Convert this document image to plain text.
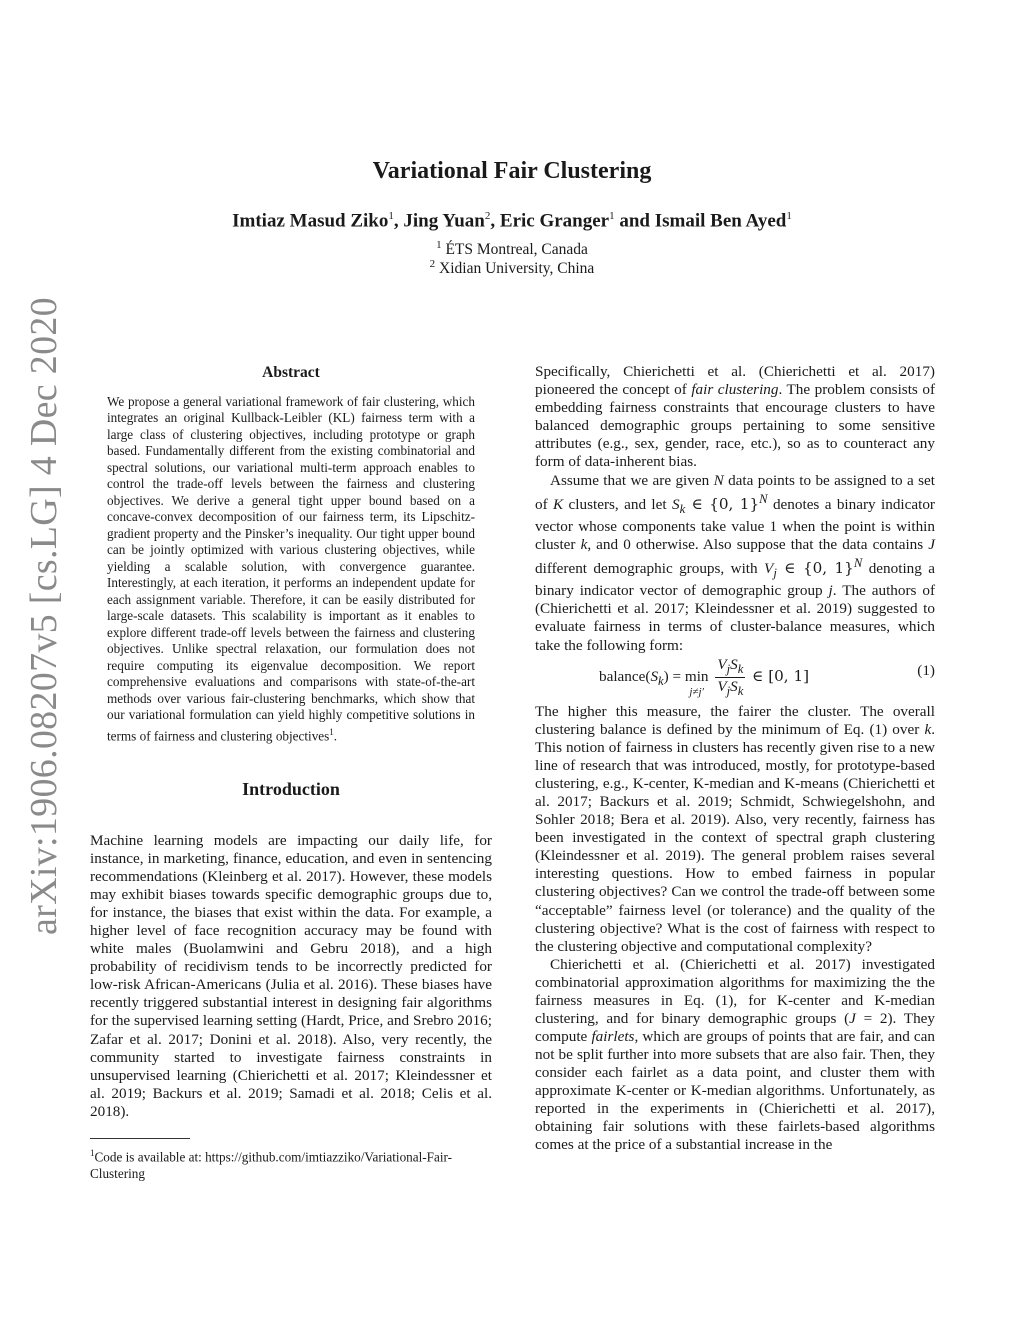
arXiv:1906.08207v5 [cs.LG] 4 Dec 2020
Variational Fair Clustering
Imtiaz Masud Ziko$^1$, Jing Yuan$^2$, Eric Granger$^1$ and Ismail Ben Ayed$^1$
$^1$ ÉTS Montreal, Canada
$^2$ Xidian University, China
Abstract
We propose a general variational framework of fair clustering, which integrates an original Kullback-Leibler (KL) fairness term with a large class of clustering objectives, including prototype or graph based. Fundamentally different from the existing combinatorial and spectral solutions, our variational multi-term approach enables to control the trade-off levels between the fairness and clustering objectives. We derive a general tight upper bound based on a concave-convex decomposition of our fairness term, its Lipschitz-gradient property and the Pinsker’s inequality. Our tight upper bound can be jointly optimized with various clustering objectives, while yielding a scalable solution, with convergence guarantee. Interestingly, at each iteration, it performs an independent update for each assignment variable. Therefore, it can be easily distributed for large-scale datasets. This scalability is important as it enables to explore different trade-off levels between the fairness and clustering objectives. Unlike spectral relaxation, our formulation does not require computing its eigenvalue decomposition. We report comprehensive evaluations and comparisons with state-of-the-art methods over various fair-clustering benchmarks, which show that our variational formulation can yield highly competitive solutions in terms of fairness and clustering objectives$^1$.
Introduction
Machine learning models are impacting our daily life, for instance, in marketing, finance, education, and even in sentencing recommendations (Kleinberg et al. 2017). However, these models may exhibit biases towards specific demographic groups due to, for instance, the biases that exist within the data. For example, a higher level of face recognition accuracy may be found with white males (Buolamwini and Gebru 2018), and a high probability of recidivism tends to be incorrectly predicted for low-risk African-Americans (Julia et al. 2016). These biases have recently triggered substantial interest in designing fair algorithms for the supervised learning setting (Hardt, Price, and Srebro 2016; Zafar et al. 2017; Donini et al. 2018). Also, very recently, the community started to investigate fairness constraints in unsupervised learning (Chierichetti et al. 2017; Kleindessner et al. 2019; Backurs et al. 2019; Samadi et al. 2018; Celis et al. 2018).
$^1$Code is available at: https://github.com/imtiazziko/Variational-Fair-Clustering

Specifically, Chierichetti et al. (Chierichetti et al. 2017) pioneered the concept of fair clustering. The problem consists of embedding fairness constraints that encourage clusters to have balanced demographic groups pertaining to some sensitive attributes (e.g., sex, gender, race, etc.), so as to counteract any form of data-inherent bias.

Assume that we are given N data points to be assigned to a set of K clusters, and let $S_k$ ∈ {0, 1}$^N$ denotes a binary indicator vector whose components take value 1 when the point is within cluster k, and 0 otherwise. Also suppose that the data contains J different demographic groups, with $V_j$ ∈ {0, 1}$^N$ denoting a binary indicator vector of demographic group j. The authors of (Chierichetti et al. 2017; Kleindessner et al. 2019) suggested to evaluate fairness in terms of cluster-balance measures, which take the following form:

$balance(S_k) = \min$
j≠j′

$V_jS_k$
$V_jS_k$
∈ [0, 1]	(1)

The higher this measure, the fairer the cluster. The overall clustering balance is defined by the minimum of Eq. (1) over k. This notion of fairness in clusters has recently given rise to a new line of research that was introduced, mostly, for prototype-based clustering, e.g., K-center, K-median and K-means (Chierichetti et al. 2017; Backurs et al. 2019; Schmidt, Schwiegelshohn, and Sohler 2018; Bera et al. 2019). Also, very recently, fairness has been investigated in the context of spectral graph clustering (Kleindessner et al. 2019). The general problem raises several interesting questions. How to embed fairness in popular clustering objectives? Can we control the trade-off between some “acceptable” fairness level (or tolerance) and the quality of the clustering objective? What is the cost of fairness with respect to the clustering objective and computational complexity?

Chierichetti et al. (Chierichetti et al. 2017) investigated combinatorial approximation algorithms for maximizing the the fairness measures in Eq. (1), for K-center and K-median clustering, and for binary demographic groups (J = 2). They compute fairlets, which are groups of points that are fair, and can not be split further into more subsets that are also fair. Then, they consider each fairlet as a data point, and cluster them with approximate K-center or K-median algorithms. Unfortunately, as reported in the experiments in (Chierichetti et al. 2017), obtaining fair solutions with these fairlets-based algorithms comes at the price of a substantial increase in the
